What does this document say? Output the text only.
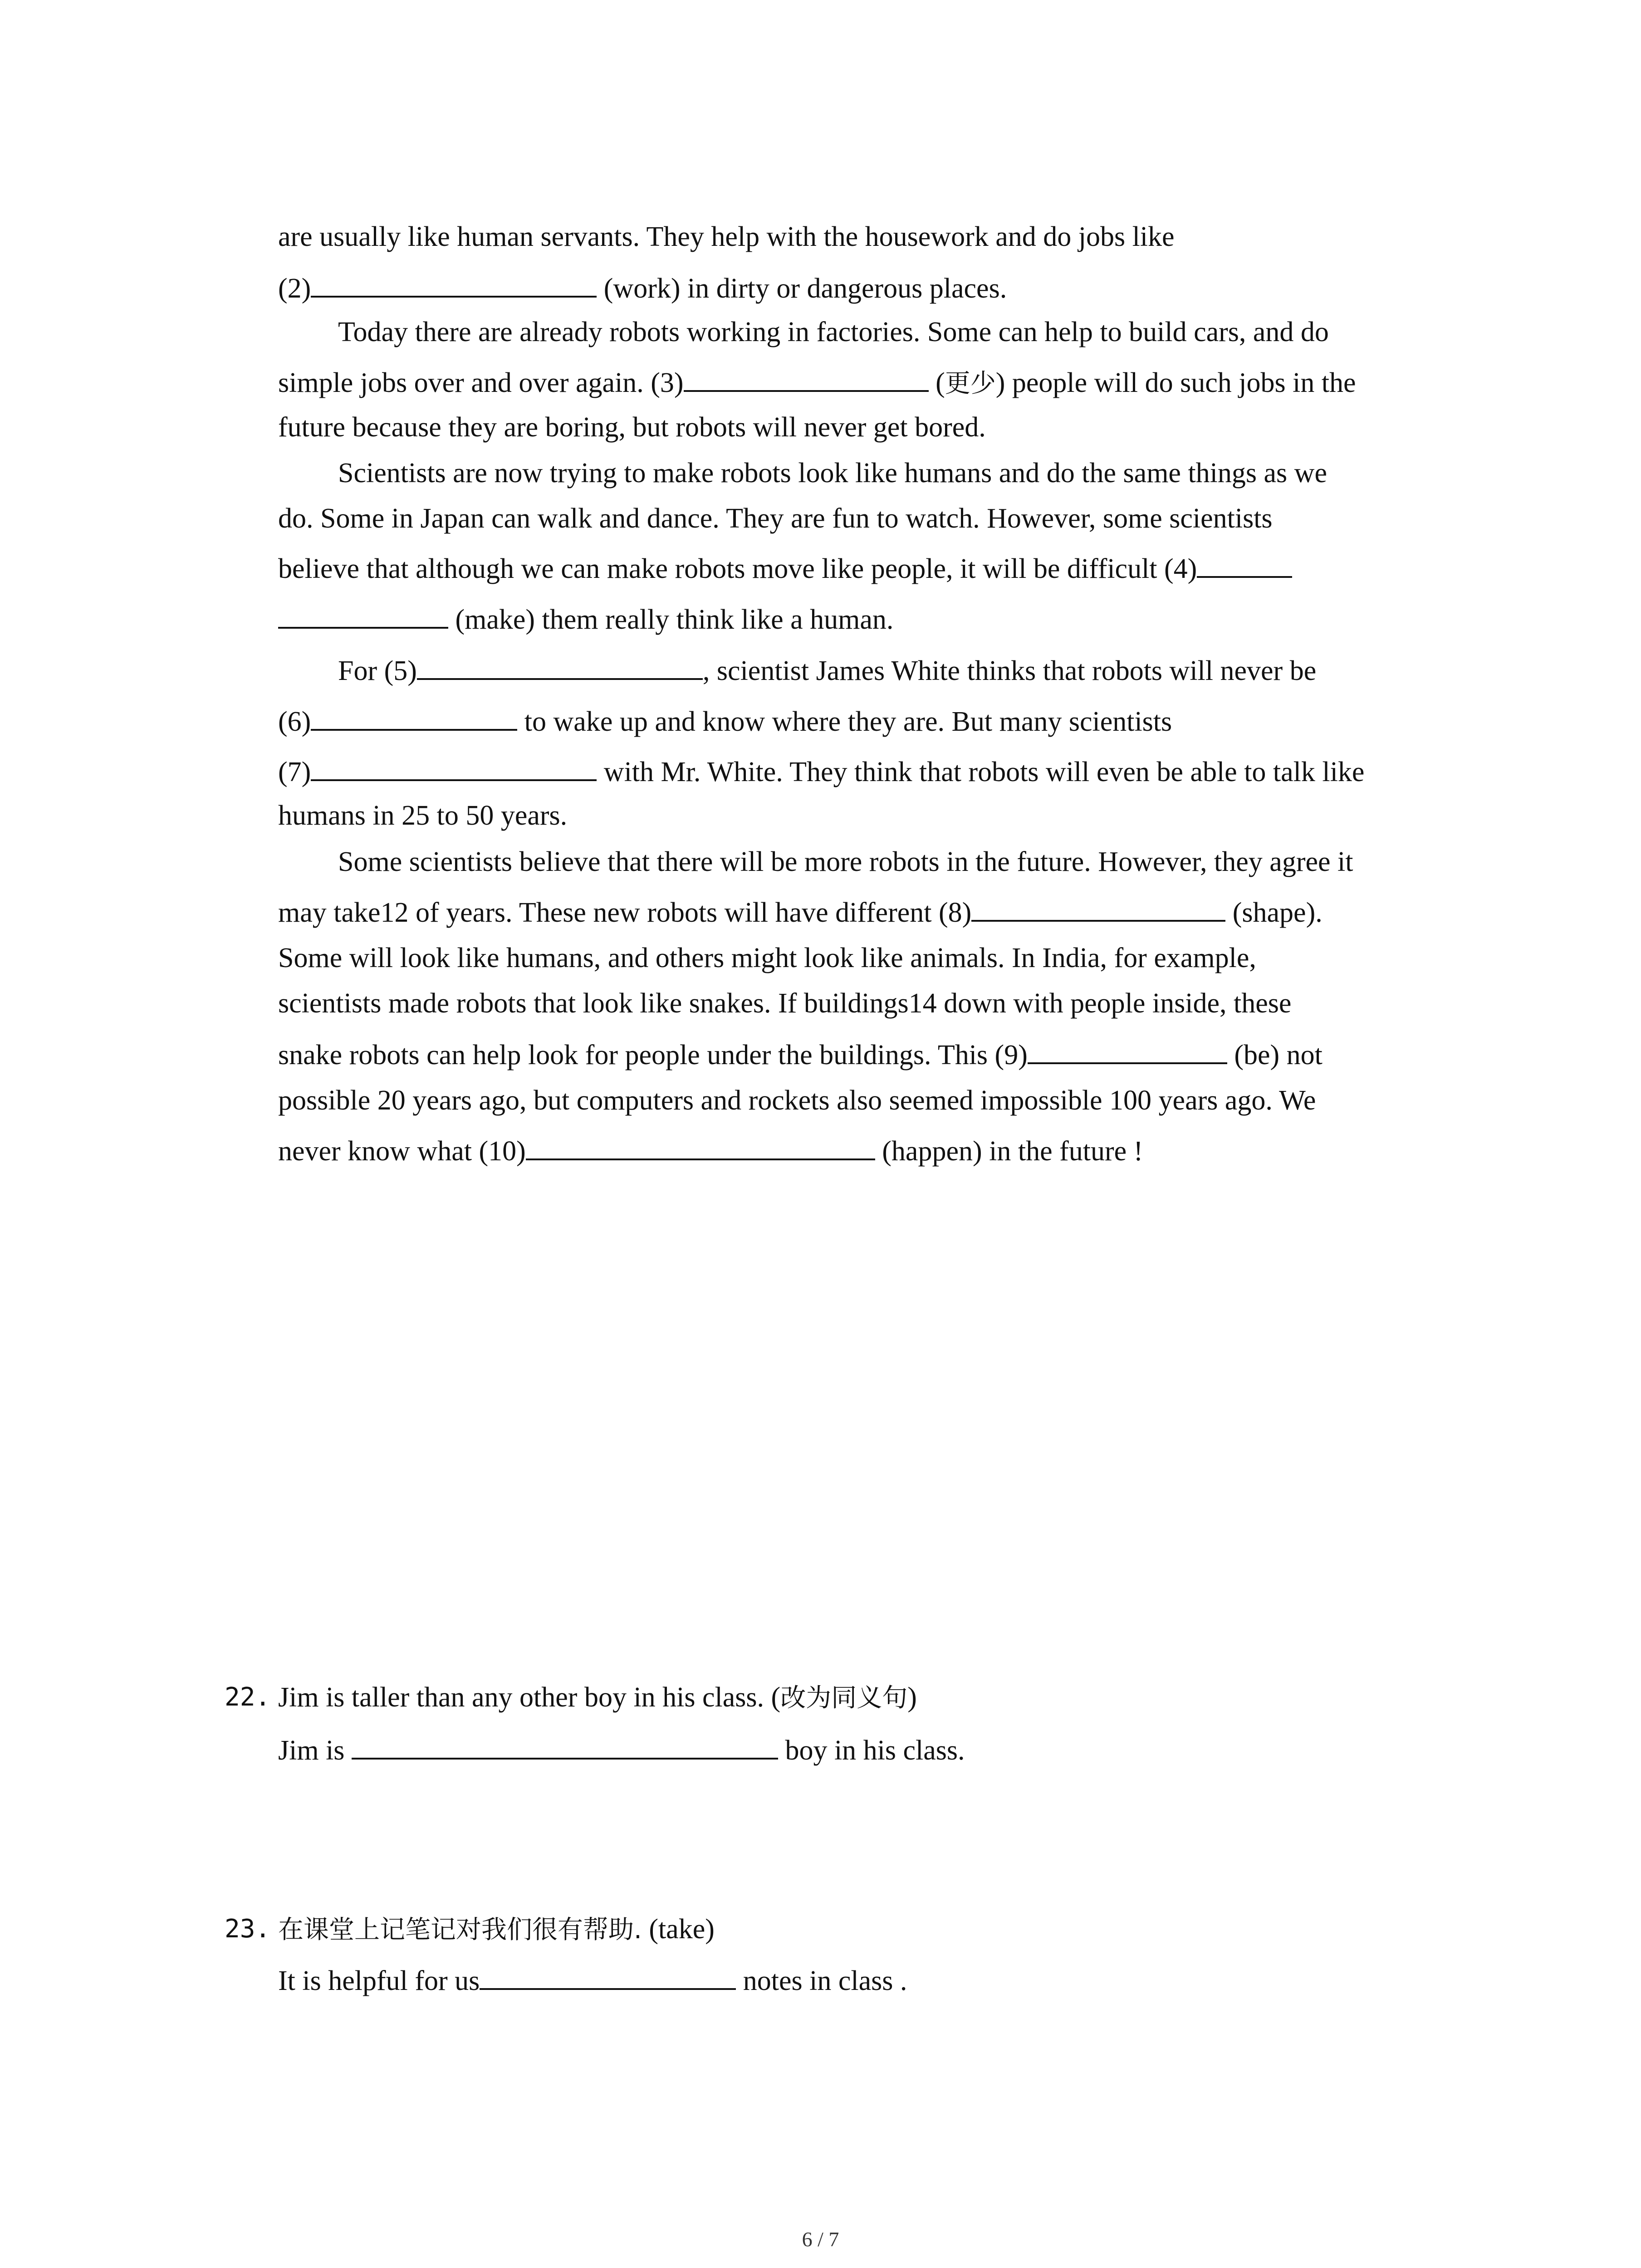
are usually like human servants. They help with the housework and do jobs like
(2)	(work) in dirty or dangerous places.
Today there are already robots working in factories. Some can help to build cars, and do
simple jobs over and over again. (3)	(更少) people will do such jobs in the
future because they are boring, but robots will never get bored.
Scientists are now trying to make robots look like humans and do the same things as we
do. Some in Japan can walk and dance. They are fun to watch. However, some scientists
believe that although we can make robots move like people, it will be difficult (4)
(make) them really think like a human.
For (5)	, scientist James White thinks that robots will never be
(6)	to wake up and know where they are. But many scientists
(7)	with Mr. White. They think that robots will even be able to talk like
humans in 25 to 50 years.
Some scientists believe that there will be more robots in the future. However, they agree it
may take12 of years. These new robots will have different (8)	(shape).
Some will look like humans, and others might look like animals. In India, for example,
scientists made robots that look like snakes. If buildings14 down with people inside, these
snake robots can help look for people under the buildings. This (9)	(be) not
possible 20 years ago, but computers and rockets also seemed impossible 100 years ago. We
never know what (10)	(happen) in the future !
22. Jim is taller than any other boy in his class. (改为同义句)
Jim is	boy in his class.
23. 在课堂上记笔记对我们很有帮助. (take)
It is helpful for us	notes in class .
6 / 7
